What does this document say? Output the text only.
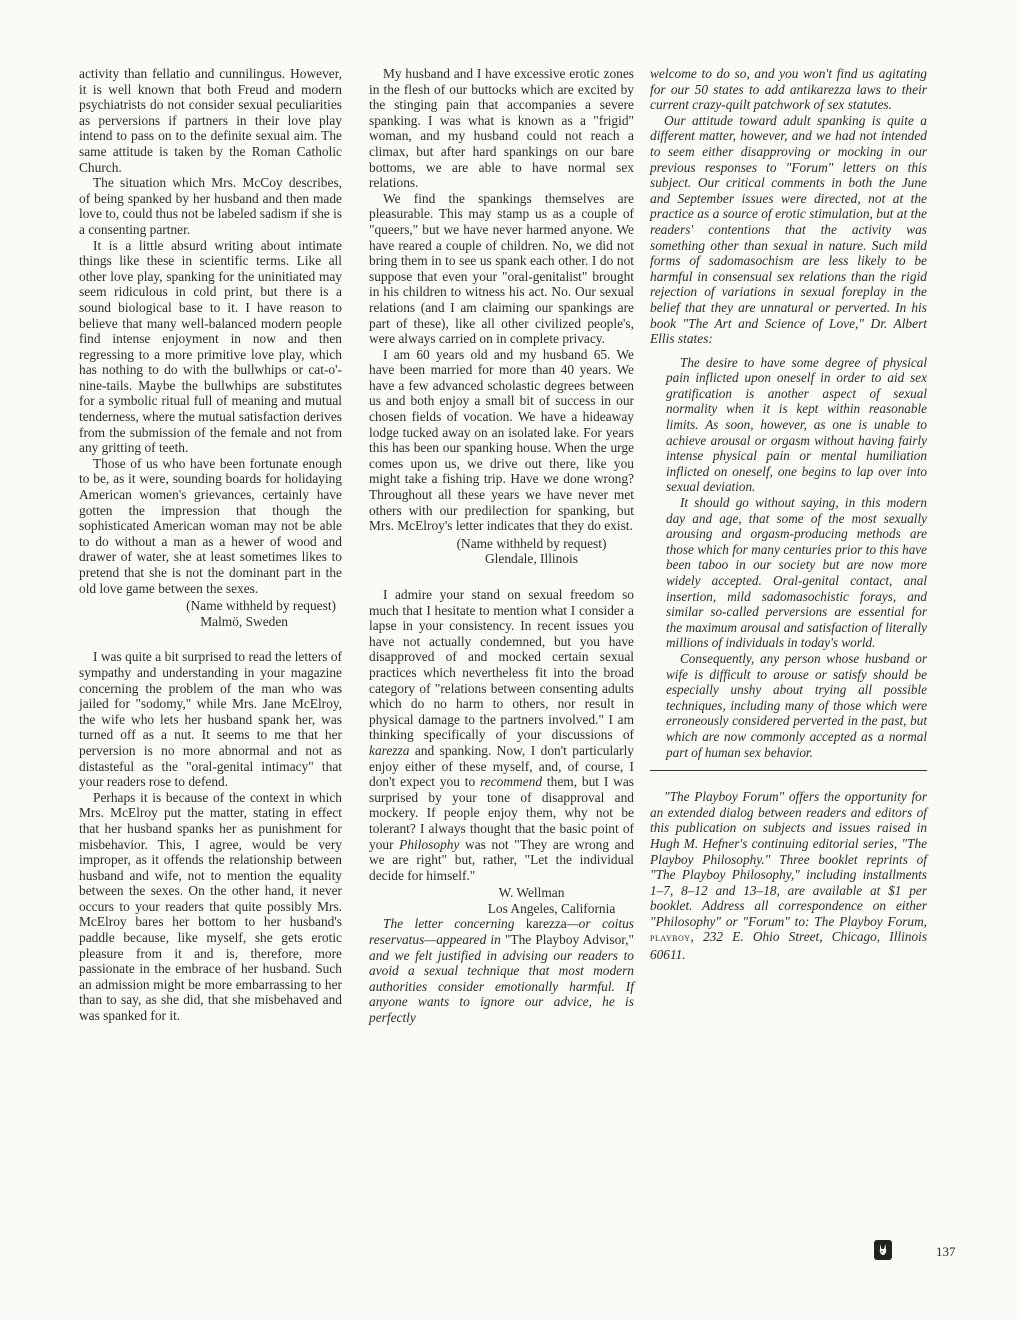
activity than fellatio and cunnilingus. However, it is well known that both Freud and modern psychiatrists do not consider sexual peculiarities as perversions if partners in their love play intend to pass on to the definite sexual aim. The same attitude is taken by the Roman Catholic Church.

The situation which Mrs. McCoy describes, of being spanked by her husband and then made love to, could thus not be labeled sadism if she is a consenting partner.

It is a little absurd writing about intimate things like these in scientific terms. Like all other love play, spanking for the uninitiated may seem ridiculous in cold print, but there is a sound biological base to it. I have reason to believe that many well-balanced modern people find intense enjoyment in now and then regressing to a more primitive love play, which has nothing to do with the bullwhips or cat-o'-nine-tails. Maybe the bullwhips are substitutes for a symbolic ritual full of meaning and mutual tenderness, where the mutual satisfaction derives from the submission of the female and not from any gritting of teeth.

Those of us who have been fortunate enough to be, as it were, sounding boards for holidaying American women's grievances, certainly have gotten the impression that though the sophisticated American woman may not be able to do without a man as a hewer of wood and drawer of water, she at least sometimes likes to pretend that she is not the dominant part in the old love game between the sexes.

(Name withheld by request)
Malmö, Sweden

I was quite a bit surprised to read the letters of sympathy and understanding in your magazine concerning the problem of the man who was jailed for "sodomy," while Mrs. Jane McElroy, the wife who lets her husband spank her, was turned off as a nut. It seems to me that her perversion is no more abnormal and not as distasteful as the "oral-genital intimacy" that your readers rose to defend.

Perhaps it is because of the context in which Mrs. McElroy put the matter, stating in effect that her husband spanks her as punishment for misbehavior. This, I agree, would be very improper, as it offends the relationship between husband and wife, not to mention the equality between the sexes. On the other hand, it never occurs to your readers that quite possibly Mrs. McElroy bares her bottom to her husband's paddle because, like myself, she gets erotic pleasure from it and is, therefore, more passionate in the embrace of her husband. Such an admission might be more embarrassing to her than to say, as she did, that she misbehaved and was spanked for it.

My husband and I have excessive erotic zones in the flesh of our buttocks which are excited by the stinging pain that accompanies a severe spanking. I was what is known as a "frigid" woman, and my husband could not reach a climax, but after hard spankings on our bare bottoms, we are able to have normal sex relations.

We find the spankings themselves are pleasurable. This may stamp us as a couple of "queers," but we have never harmed anyone. We have reared a couple of children. No, we did not bring them in to see us spank each other. I do not suppose that even your "oral-genitalist" brought in his children to witness his act. No. Our sexual relations (and I am claiming our spankings are part of these), like all other civilized people's, were always carried on in complete privacy.

I am 60 years old and my husband 65. We have been married for more than 40 years. We have a few advanced scholastic degrees between us and both enjoy a small bit of success in our chosen fields of vocation. We have a hideaway lodge tucked away on an isolated lake. For years this has been our spanking house. When the urge comes upon us, we drive out there, like you might take a fishing trip. Have we done wrong? Throughout all these years we have never met others with our predilection for spanking, but Mrs. McElroy's letter indicates that they do exist.

(Name withheld by request)
Glendale, Illinois

I admire your stand on sexual freedom so much that I hesitate to mention what I consider a lapse in your consistency. In recent issues you have not actually condemned, but you have disapproved of and mocked certain sexual practices which nevertheless fit into the broad category of "relations between consenting adults which do no harm to others, nor result in physical damage to the partners involved." I am thinking specifically of your discussions of karezza and spanking. Now, I don't particularly enjoy either of these myself, and, of course, I don't expect you to recommend them, but I was surprised by your tone of disapproval and mockery. If people enjoy them, why not be tolerant? I always thought that the basic point of your Philosophy was not "They are wrong and we are right" but, rather, "Let the individual decide for himself."

W. Wellman
Los Angeles, California

The letter concerning karezza—or coitus reservatus—appeared in "The Playboy Advisor," and we felt justified in advising our readers to avoid a sexual technique that most modern authorities consider emotionally harmful. If anyone wants to ignore our advice, he is perfectly

welcome to do so, and you won't find us agitating for our 50 states to add antikarezza laws to their current crazy-quilt patchwork of sex statutes.

Our attitude toward adult spanking is quite a different matter, however, and we had not intended to seem either disapproving or mocking in our previous responses to "Forum" letters on this subject. Our critical comments in both the June and September issues were directed, not at the practice as a source of erotic stimulation, but at the readers' contentions that the activity was something other than sexual in nature. Such mild forms of sadomasochism are less likely to be harmful in consensual sex relations than the rigid rejection of variations in sexual foreplay in the belief that they are unnatural or perverted. In his book "The Art and Science of Love," Dr. Albert Ellis states:

The desire to have some degree of physical pain inflicted upon oneself in order to aid sex gratification is another aspect of sexual normality when it is kept within reasonable limits. As soon, however, as one is unable to achieve arousal or orgasm without having fairly intense physical pain or mental humiliation inflicted on oneself, one begins to lap over into sexual deviation.

It should go without saying, in this modern day and age, that some of the most sexually arousing and orgasm-producing methods are those which for many centuries prior to this have been taboo in our society but are now more widely accepted. Oral-genital contact, anal insertion, mild sadomasochistic forays, and similar so-called perversions are essential for the maximum arousal and satisfaction of literally millions of individuals in today's world.

Consequently, any person whose husband or wife is difficult to arouse or satisfy should be especially unshy about trying all possible techniques, including many of those which were erroneously considered perverted in the past, but which are now commonly accepted as a normal part of human sex behavior.

"The Playboy Forum" offers the opportunity for an extended dialog between readers and editors of this publication on subjects and issues raised in Hugh M. Hefner's continuing editorial series, "The Playboy Philosophy." Three booklet reprints of "The Playboy Philosophy," including installments 1–7, 8–12 and 13–18, are available at $1 per booklet. Address all correspondence on either "Philosophy" or "Forum" to: The Playboy Forum, playboy, 232 E. Ohio Street, Chicago, Illinois 60611.

137
